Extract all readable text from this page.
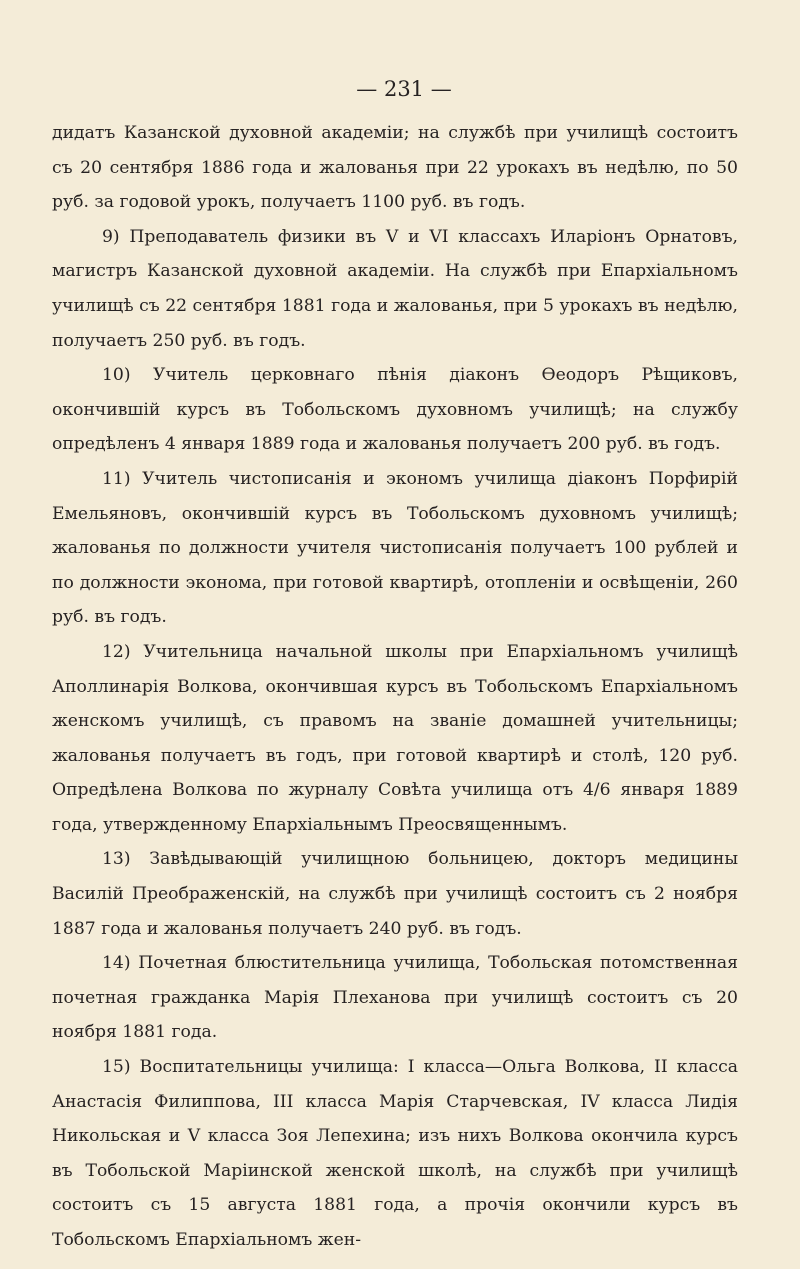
— 231 —

дидатъ Казанской духовной академіи; на службѣ при училищѣ состоитъ съ 20 сентября 1886 года и жалованья при 22 урокахъ въ недѣлю, по 50 руб. за годовой урокъ, получаетъ 1100 руб. въ годъ.

9) Преподаватель физики въ V и VI классахъ Иларіонъ Орнатовъ, магистръ Казанской духовной академіи. На службѣ при Епархіальномъ училищѣ съ 22 сентября 1881 года и жалованья, при 5 урокахъ въ недѣлю, получаетъ 250 руб. въ годъ.

10) Учитель церковнаго пѣнія діаконъ Ѳеодоръ Рѣщиковъ, окончившій курсъ въ Тобольскомъ духовномъ училищѣ; на службу опредѣленъ 4 января 1889 года и жалованья получаетъ 200 руб. въ годъ.

11) Учитель чистописанія и экономъ училища діаконъ Порфирій Емельяновъ, окончившій курсъ въ Тобольскомъ духовномъ училищѣ; жалованья по должности учителя чистописанія получаетъ 100 рублей и по должности эконома, при готовой квартирѣ, отопленіи и освѣщеніи, 260 руб. въ годъ.

12) Учительница начальной школы при Епархіальномъ училищѣ Аполлинарія Волкова, окончившая курсъ въ Тобольскомъ Епархіальномъ женскомъ училищѣ, съ правомъ на званіе домашней учительницы; жалованья получаетъ въ годъ, при готовой квартирѣ и столѣ, 120 руб. Опредѣлена Волкова по журналу Совѣта училища отъ 4/6 января 1889 года, утвержденному Епархіальнымъ Преосвященнымъ.

13) Завѣдывающій училищною больницею, докторъ медицины Василій Преображенскій, на службѣ при училищѣ состоитъ съ 2 ноября 1887 года и жалованья получаетъ 240 руб. въ годъ.

14) Почетная блюстительница училища, Тобольская потомственная почетная гражданка Марія Плеханова при училищѣ состоитъ съ 20 ноября 1881 года.

15) Воспитательницы училища: I класса—Ольга Волкова, II класса Анастасія Филиппова, III класса Марія Старчевская, IV класса Лидія Никольская и V класса Зоя Лепехина; изъ нихъ Волкова окончила курсъ въ Тобольской Маріинской женской школѣ, на службѣ при училищѣ состоитъ съ 15 августа 1881 года, а прочія окончили курсъ въ Тобольскомъ Епархіальномъ жен-
